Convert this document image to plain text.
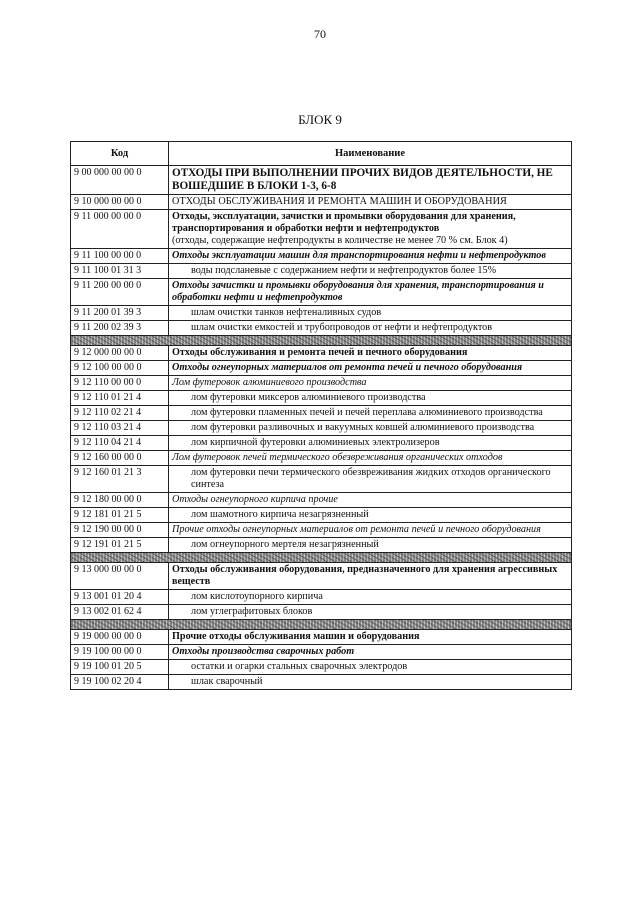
70
БЛОК 9
Код	Наименование
9 00 000 00 00 0	ОТХОДЫ ПРИ ВЫПОЛНЕНИИ ПРОЧИХ ВИДОВ ДЕЯТЕЛЬНОСТИ, НЕ ВОШЕДШИЕ В БЛОКИ 1-3, 6-8
9 10 000 00 00 0	ОТХОДЫ ОБСЛУЖИВАНИЯ И РЕМОНТА МАШИН И ОБОРУДОВАНИЯ
9 11 000 00 00 0	Отходы, эксплуатации, зачистки и промывки оборудования для хранения, транспортирования и обработки нефти и нефтепродуктов
(отходы, содержащие нефтепродукты в количестве не менее 70 % см. Блок 4)
9 11 100 00 00 0	Отходы эксплуатации машин для транспортирования нефти и нефтепродуктов
9 11 100 01 31 3	воды подсланевые с содержанием нефти и нефтепродуктов более 15%
9 11 200 00 00 0	Отходы зачистки и промывки оборудования для хранения, транспортирования и обработки нефти и нефтепродуктов
9 11 200 01 39 3	шлам очистки танков нефтеналивных судов
9 11 200 02 39 3	шлам очистки емкостей и трубопроводов от нефти и нефтепродуктов

9 12 000 00 00 0	Отходы обслуживания и ремонта печей и печного оборудования
9 12 100 00 00 0	Отходы огнеупорных материалов от ремонта печей и печного оборудования
9 12 110 00 00 0	Лом футеровок алюминиевого производства
9 12 110 01 21 4	лом футеровки миксеров алюминиевого производства
9 12 110 02 21 4	лом футеровки пламенных печей и печей переплава алюминиевого производства
9 12 110 03 21 4	лом футеровки разливочных и вакуумных ковшей алюминиевого производства
9 12 110 04 21 4	лом кирпичной футеровки алюминиевых электролизеров
9 12 160 00 00 0	Лом футеровок печей термического обезвреживания органических отходов
9 12 160 01 21 3	лом футеровки печи термического обезвреживания жидких отходов органического синтеза
9 12 180 00 00 0	Отходы огнеупорного кирпича прочие
9 12 181 01 21 5	лом шамотного кирпича незагрязненный
9 12 190 00 00 0	Прочие отходы огнеупорных материалов от ремонта печей и печного оборудования
9 12 191 01 21 5	лом огнеупорного мертеля незагрязненный

9 13 000 00 00 0	Отходы обслуживания оборудования, предназначенного для хранения агрессивных веществ
9 13 001 01 20 4	лом кислотоупорного кирпича
9 13 002 01 62 4	лом углеграфитовых блоков

9 19 000 00 00 0	Прочие отходы обслуживания машин и оборудования
9 19 100 00 00 0	Отходы производства сварочных работ
9 19 100 01 20 5	остатки и огарки стальных сварочных электродов
9 19 100 02 20 4	шлак сварочный
